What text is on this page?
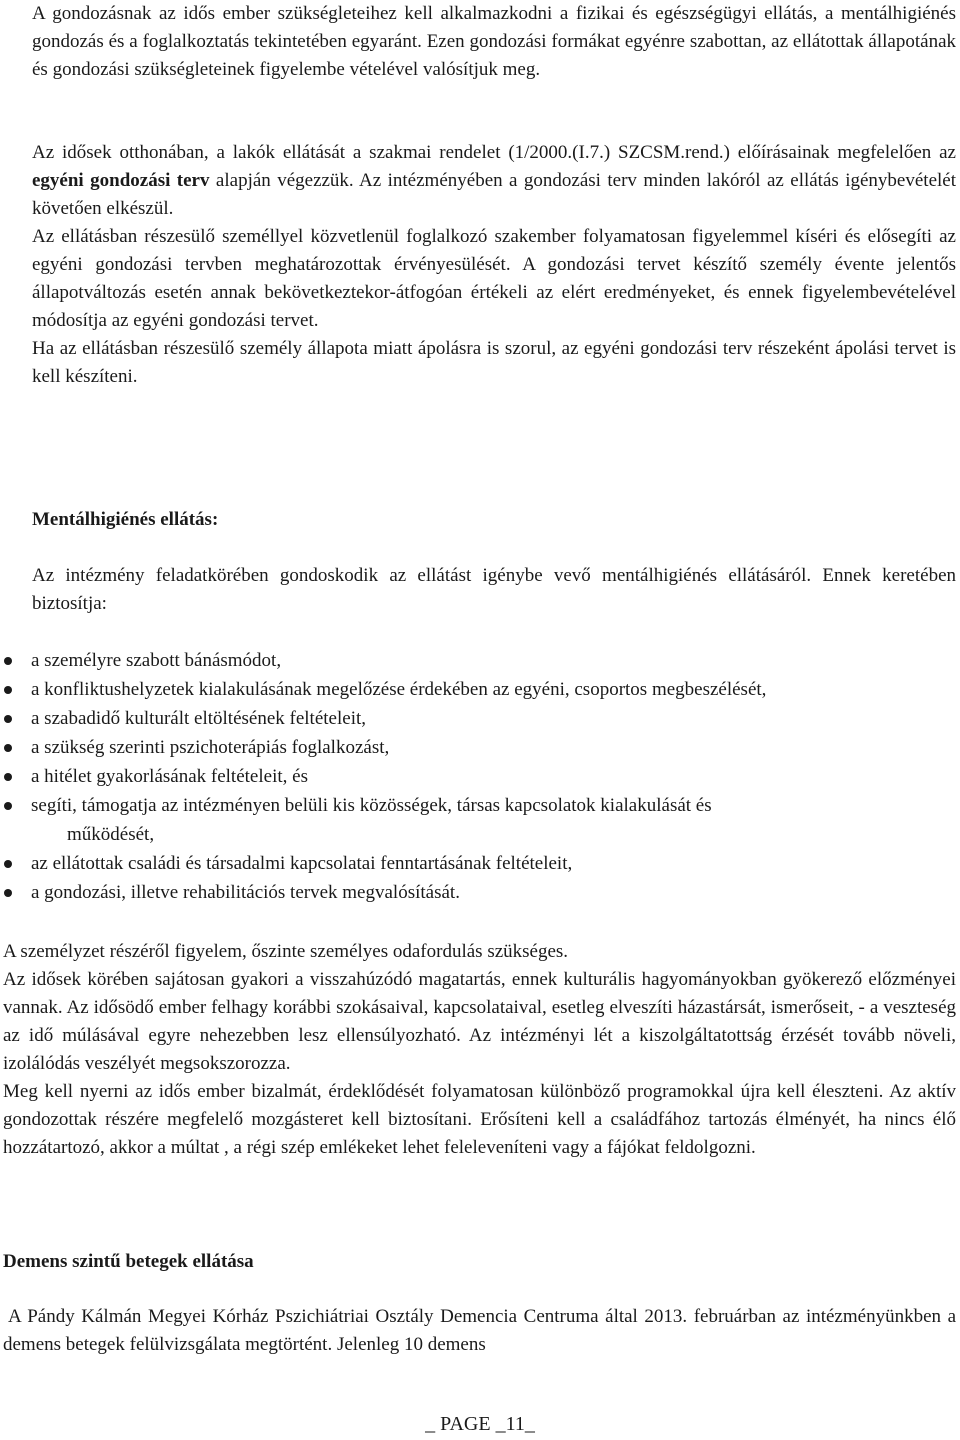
A gondozásnak az idős ember szükségleteihez kell alkalmazkodni a fizikai és egészségügyi ellátás, a mentálhigiénés gondozás és a foglalkoztatás tekintetében egyaránt. Ezen gondozási formákat egyénre szabottan, az ellátottak állapotának és gondozási szükségleteinek figyelembe vételével valósítjuk meg.

Az idősek otthonában, a lakók ellátását a szakmai rendelet (1/2000.(I.7.) SZCSM.rend.) előírásainak megfelelően az egyéni gondozási terv alapján végezzük. Az intézményében a gondozási terv minden lakóról az ellátás igénybevételét követően elkészül.

Az ellátásban részesülő személlyel közvetlenül foglalkozó szakember folyamatosan figyelemmel kíséri és elősegíti az egyéni gondozási tervben meghatározottak érvényesülését. A gondozási tervet készítő személy évente jelentős állapotváltozás esetén annak bekövetkeztekor-átfogóan értékeli az elért eredményeket, és ennek figyelembevételével módosítja az egyéni gondozási tervet.

Ha az ellátásban részesülő személy állapota miatt ápolásra is szorul, az egyéni gondozási terv részeként ápolási tervet is kell készíteni.

Mentálhigiénés ellátás:

Az intézmény feladatkörében gondoskodik az ellátást igénybe vevő mentálhigiénés ellátásáról. Ennek keretében biztosítja:

a személyre szabott bánásmódot,
a konfliktushelyzetek kialakulásának megelőzése érdekében az egyéni, csoportos megbeszélését,
a szabadidő kulturált eltöltésének feltételeit,
a szükség szerinti pszichoterápiás foglalkozást,
a hitélet gyakorlásának feltételeit, és
segíti, támogatja az intézményen belüli kis közösségek, társas kapcsolatok kialakulását és
működését,
az ellátottak családi és társadalmi kapcsolatai fenntartásának feltételeit,
a gondozási, illetve rehabilitációs tervek megvalósítását.

A személyzet részéről figyelem, őszinte személyes odafordulás szükséges.

Az idősek körében sajátosan gyakori a visszahúzódó magatartás, ennek kulturális hagyományokban gyökerező előzményei vannak. Az idősödő ember felhagy korábbi szokásaival, kapcsolataival, esetleg elveszíti házastársát, ismerőseit, - a veszteség az idő múlásával egyre nehezebben lesz ellensúlyozható. Az intézményi lét a kiszolgáltatottság érzését tovább növeli, izolálódás veszélyét megsokszorozza.

Meg kell nyerni az idős ember bizalmát, érdeklődését folyamatosan különböző programokkal újra kell éleszteni. Az aktív gondozottak részére megfelelő mozgásteret kell biztosítani. Erősíteni kell a családfához tartozás élményét, ha nincs élő hozzátartozó, akkor a múltat , a régi szép emlékeket lehet feleleveníteni vagy a fájókat feldolgozni.

Demens szintű betegek ellátása

A Pándy Kálmán Megyei Kórház Pszichiátriai Osztály Demencia Centruma által 2013. februárban az intézményünkben a demens betegek felülvizsgálata megtörtént. Jelenleg 10 demens

_ PAGE _11_
